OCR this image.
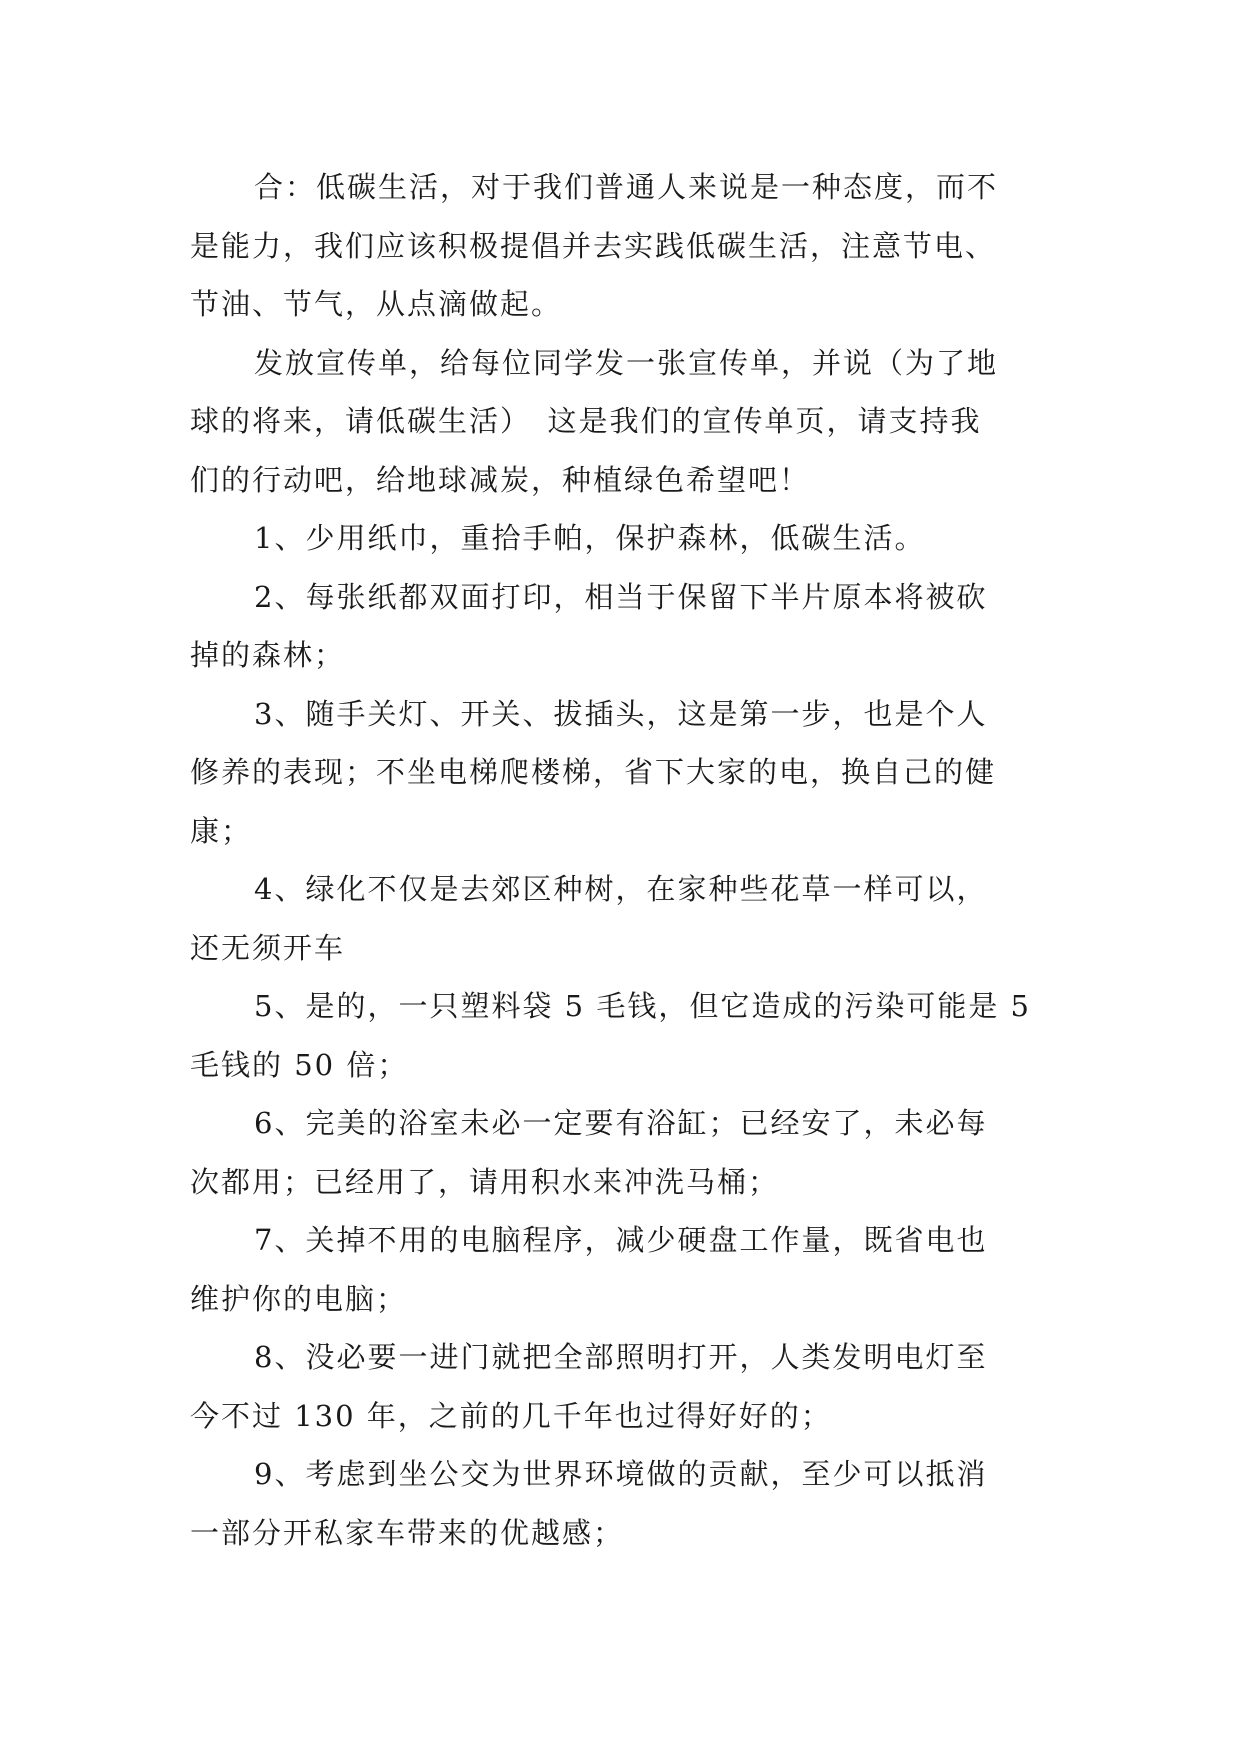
合：低碳生活，对于我们普通人来说是一种态度，而不
是能力，我们应该积极提倡并去实践低碳生活，注意节电、
节油、节气，从点滴做起。
发放宣传单，给每位同学发一张宣传单，并说（为了地
球的将来，请低碳生活）　这是我们的宣传单页，请支持我
们的行动吧，给地球减炭，种植绿色希望吧！
1、少用纸巾，重拾手帕，保护森林，低碳生活。
2、每张纸都双面打印，相当于保留下半片原本将被砍
掉的森林；
3、随手关灯、开关、拔插头，这是第一步，也是个人
修养的表现；不坐电梯爬楼梯，省下大家的电，换自己的健
康；
4、绿化不仅是去郊区种树，在家种些花草一样可以，
还无须开车
5、是的，一只塑料袋 5 毛钱，但它造成的污染可能是 5
毛钱的 50 倍；
6、完美的浴室未必一定要有浴缸；已经安了，未必每
次都用；已经用了，请用积水来冲洗马桶；
7、关掉不用的电脑程序，减少硬盘工作量，既省电也
维护你的电脑；
8、没必要一进门就把全部照明打开，人类发明电灯至
今不过 130 年，之前的几千年也过得好好的；
9、考虑到坐公交为世界环境做的贡献，至少可以抵消
一部分开私家车带来的优越感；
